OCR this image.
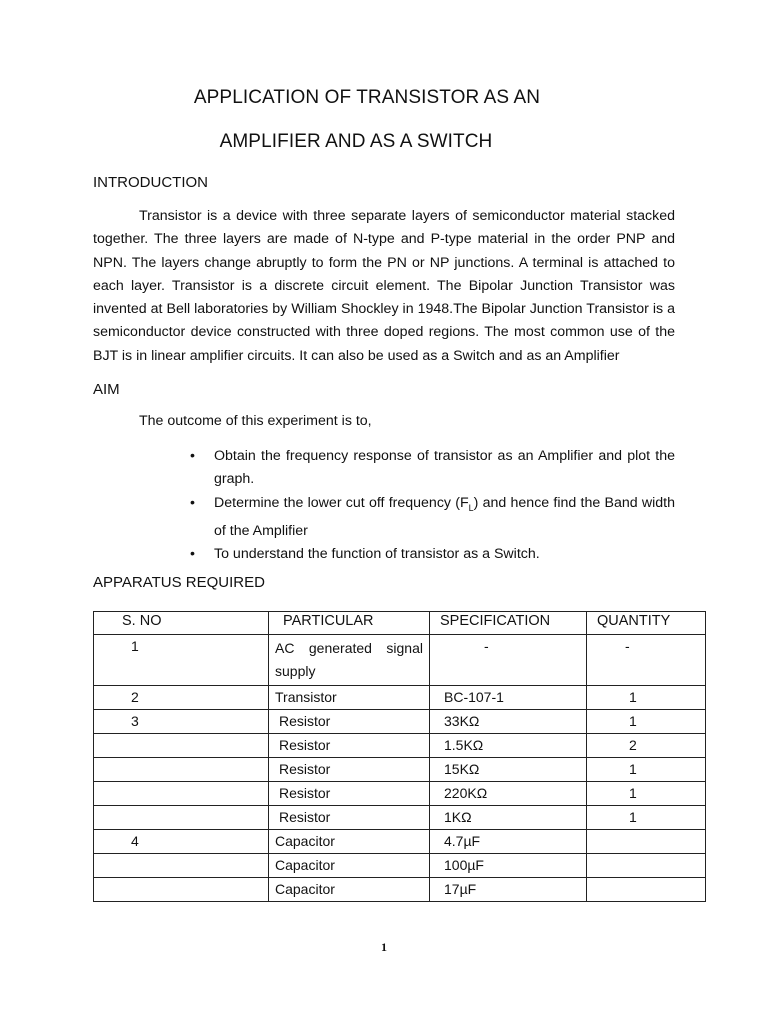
APPLICATION OF TRANSISTOR AS AN
AMPLIFIER AND AS A SWITCH
INTRODUCTION

Transistor is a device with three separate layers of semiconductor material stacked together. The three layers are made of N-type and P-type material in the order PNP and NPN. The layers change abruptly to form the PN or NP junctions. A terminal is attached to each layer. Transistor is a discrete circuit element. The Bipolar Junction Transistor was invented at Bell laboratories by William Shockley in 1948.The Bipolar Junction Transistor is a semiconductor device constructed with three doped regions. The most common use of the BJT is in linear amplifier circuits. It can also be used as a Switch and as an Amplifier

AIM
The outcome of this experiment is to,
• Obtain the frequency response of transistor as an Amplifier and plot the graph.
• Determine the lower cut off frequency $(F_L)$ and hence find the Band width of the Amplifier
• To understand the function of transistor as a Switch.
APPARATUS REQUIRED
S. NO	PARTICULAR	SPECIFICATION	QUANTITY
1	AC generated signal supply	-	-
2	Transistor	BC-107-1	1
3	Resistor	33KΩ	1
	Resistor	1.5KΩ	2
	Resistor	15KΩ	1
	Resistor	220KΩ	1
	Resistor	1KΩ	1
4	Capacitor	4.7µF	
	Capacitor	100µF	
	Capacitor	17µF	
1
